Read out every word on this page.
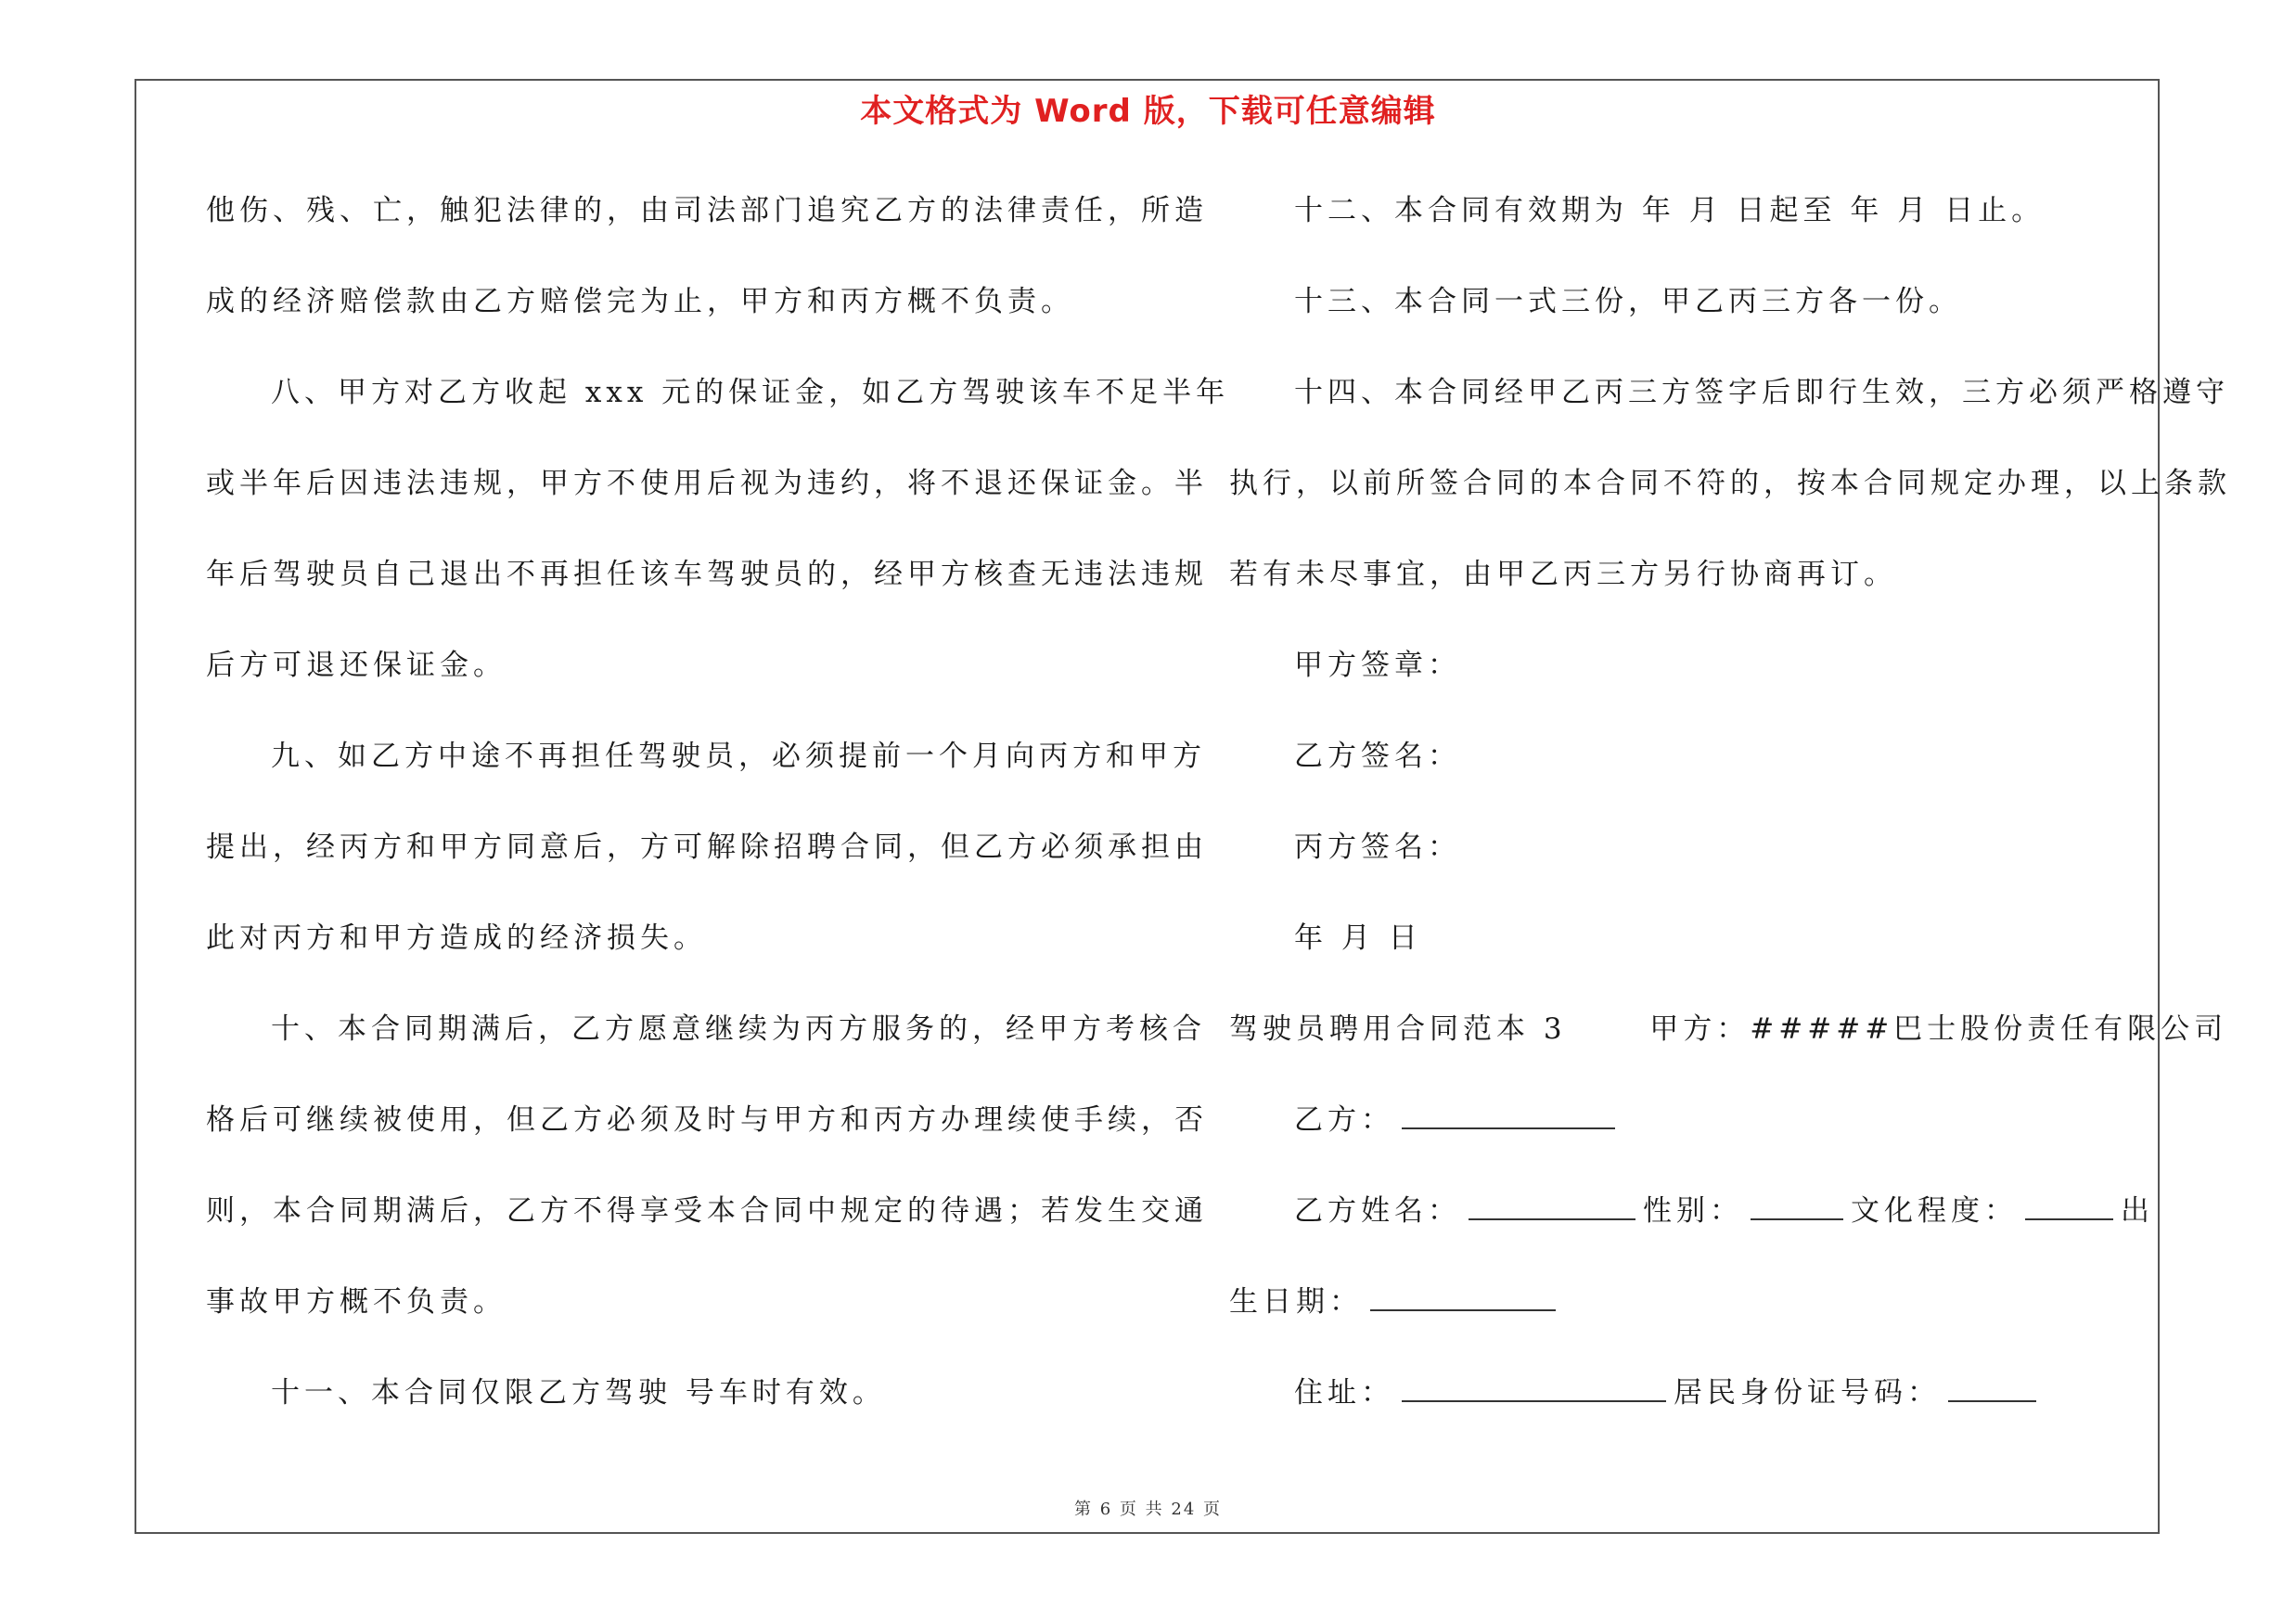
本文格式为 Word 版，下载可任意编辑
他伤、残、亡，触犯法律的，由司法部门追究乙方的法律责任，所造
成的经济赔偿款由乙方赔偿完为止，甲方和丙方概不负责。
八、甲方对乙方收起 xxx 元的保证金，如乙方驾驶该车不足半年
或半年后因违法违规，甲方不使用后视为违约，将不退还保证金。半
年后驾驶员自己退出不再担任该车驾驶员的，经甲方核查无违法违规
后方可退还保证金。
九、如乙方中途不再担任驾驶员，必须提前一个月向丙方和甲方
提出，经丙方和甲方同意后，方可解除招聘合同，但乙方必须承担由
此对丙方和甲方造成的经济损失。
十、本合同期满后，乙方愿意继续为丙方服务的，经甲方考核合
格后可继续被使用，但乙方必须及时与甲方和丙方办理续使手续，否
则，本合同期满后，乙方不得享受本合同中规定的待遇；若发生交通
事故甲方概不负责。
十一、本合同仅限乙方驾驶 号车时有效。
十二、本合同有效期为 年 月 日起至 年 月 日止。
十三、本合同一式三份，甲乙丙三方各一份。
十四、本合同经甲乙丙三方签字后即行生效，三方必须严格遵守
执行，以前所签合同的本合同不符的，按本合同规定办理，以上条款
若有未尽事宜，由甲乙丙三方另行协商再订。
甲方签章：
乙方签名：
丙方签名：
年 月 日
驾驶员聘用合同范本 3	甲方：#####巴士股份责任有限公司
乙方：
乙方姓名：	性别：	文化程度：	出
生日期：
住址：	居民身份证号码：
第 6 页 共 24 页
